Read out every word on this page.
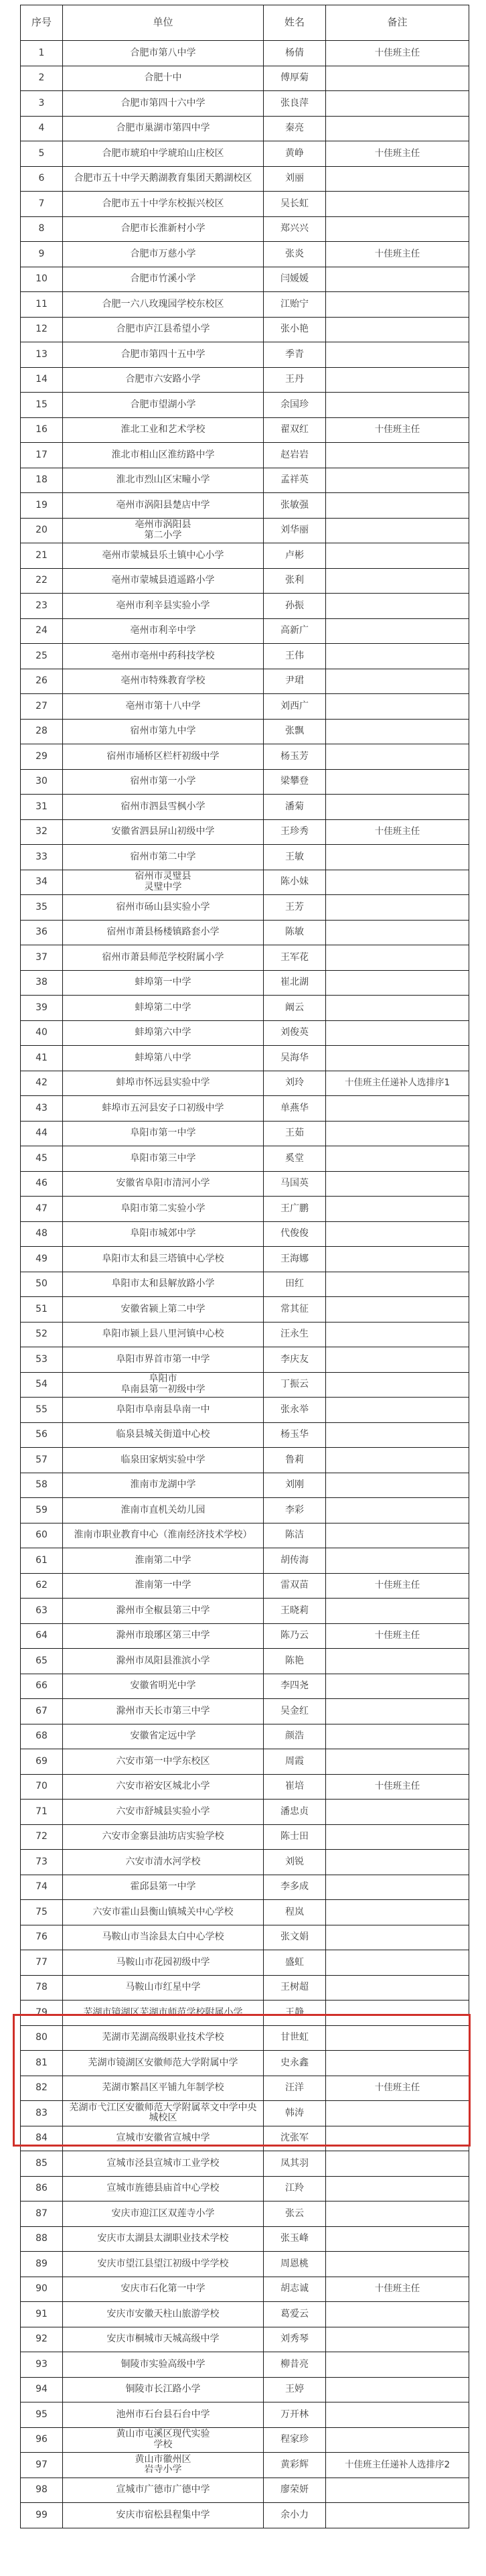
序号	单位	姓名	备注
1	合肥市第八中学	杨倩	十佳班主任
2	合肥十中	傅厚菊	
3	合肥市第四十六中学	张良萍	
4	合肥市巢湖市第四中学	秦亮	
5	合肥市琥珀中学琥珀山庄校区	黄峥	十佳班主任
6	合肥市五十中学天鹅湖教育集团天鹅湖校区	刘丽	
7	合肥市五十中学东校振兴校区	吴长虹	
8	合肥市长淮新村小学	郑兴兴	
9	合肥市万慈小学	张炎	十佳班主任
10	合肥市竹溪小学	闫媛媛	
11	合肥一六八玫瑰园学校东校区	江贻宁	
12	合肥市庐江县希望小学	张小艳	
13	合肥市第四十五中学	季青	
14	合肥市六安路小学	王丹	
15	合肥市望湖小学	余国珍	
16	淮北工业和艺术学校	翟双红	十佳班主任
17	淮北市相山区淮纺路中学	赵岩岩	
18	淮北市烈山区宋疃小学	孟祥英	
19	亳州市涡阳县楚店中学	张敏强	
20	亳州市涡阳县
第二小学	刘华丽	
21	亳州市蒙城县乐土镇中心小学	卢彬	
22	亳州市蒙城县逍遥路小学	张利	
23	亳州市利辛县实验小学	孙振	
24	亳州市利辛中学	高新广	
25	亳州市亳州中药科技学校	王伟	
26	亳州市特殊教育学校	尹珺	
27	亳州市第十八中学	刘西广	
28	宿州市第九中学	张飘	
29	宿州市埇桥区栏杆初级中学	杨玉芳	
30	宿州市第一小学	梁攀登	
31	宿州市泗县雪枫小学	潘菊	
32	安徽省泗县屏山初级中学	王珍秀	十佳班主任
33	宿州市第二中学	王敏	
34	宿州市灵璧县
灵璧中学	陈小妹	
35	宿州市砀山县实验小学	王芳	
36	宿州市萧县杨楼镇路套小学	陈敏	
37	宿州市萧县师范学校附属小学	王军花	
38	蚌埠第一中学	崔北湖	
39	蚌埠第二中学	阚云	
40	蚌埠第六中学	刘俊英	
41	蚌埠第八中学	吴海华	
42	蚌埠市怀远县实验中学	刘玲	十佳班主任递补人选排序1
43	蚌埠市五河县安子口初级中学	单燕华	
44	阜阳市第一中学	王茹	
45	阜阳市第三中学	奚堂	
46	安徽省阜阳市清河小学	马国英	
47	阜阳市第二实验小学	王广鹏	
48	阜阳市城郊中学	代俊俊	
49	阜阳市太和县三塔镇中心学校	王海娜	
50	阜阳市太和县解放路小学	田红	
51	安徽省颍上第二中学	常其征	
52	阜阳市颍上县八里河镇中心校	汪永生	
53	阜阳市界首市第一中学	李庆友	
54	阜阳市
阜南县第一初级中学	丁振云	
55	阜阳市阜南县阜南一中	张永举	
56	临泉县城关街道中心校	杨玉华	
57	临泉田家炳实验中学	鲁莉	
58	淮南市龙湖中学	刘刚	
59	淮南市直机关幼儿园	李彩	
60	淮南市职业教育中心（淮南经济技术学校）	陈洁	
61	淮南第二中学	胡传海	
62	淮南第一中学	雷双苗	十佳班主任
63	滁州市全椒县第三中学	王晓莉	
64	滁州市琅琊区第三中学	陈乃云	十佳班主任
65	滁州市凤阳县淮滨小学	陈艳	
66	安徽省明光中学	李四尧	
67	滁州市天长市第三中学	吴金红	
68	安徽省定远中学	颜浩	
69	六安市第一中学东校区	周霞	
70	六安市裕安区城北小学	崔培	十佳班主任
71	六安市舒城县实验小学	潘忠贞	
72	六安市金寨县油坊店实验学校	陈士田	
73	六安市清水河学校	刘锐	
74	霍邱县第一中学	李多成	
75	六安市霍山县衡山镇城关中心学校	程岚	
76	马鞍山市当涂县太白中心学校	张文娟	
77	马鞍山市花园初级中学	盛虹	
78	马鞍山市红星中学	王树超	
79	芜湖市镜湖区芜湖市师范学校附属小学	王静	
80	芜湖市芜湖高级职业技术学校	甘世虹	
81	芜湖市镜湖区安徽师范大学附属中学	史永鑫	
82	芜湖市繁昌区平铺九年制学校	汪洋	十佳班主任
83	芜湖市弋江区安徽师范大学附属萃文中学中央城校区	韩涛	
84	宣城市安徽省宣城中学	沈张军	
85	宣城市泾县宣城市工业学校	凤其羽	
86	宣城市旌德县庙首中心学校	江羚	
87	安庆市迎江区双莲寺小学	张云	
88	安庆市太湖县太湖职业技术学校	张玉峰	
89	安庆市望江县望江初级中学学校	周恩桃	
90	安庆市石化第一中学	胡志诚	十佳班主任
91	安庆市安徽天柱山旅游学校	葛爱云	
92	安庆市桐城市天城高级中学	刘秀琴	
93	铜陵市实验高级中学	柳昔亮	
94	铜陵市长江路小学	王婷	
95	池州市石台县石台中学	万开林	
96	黄山市屯溪区现代实验
学校	程家珍	
97	黄山市徽州区
岩寺小学	黄彩辉	十佳班主任递补人选排序2
98	宣城市广德市广德中学	廖荣妍	
99	安庆市宿松县程集中学	余小力	
